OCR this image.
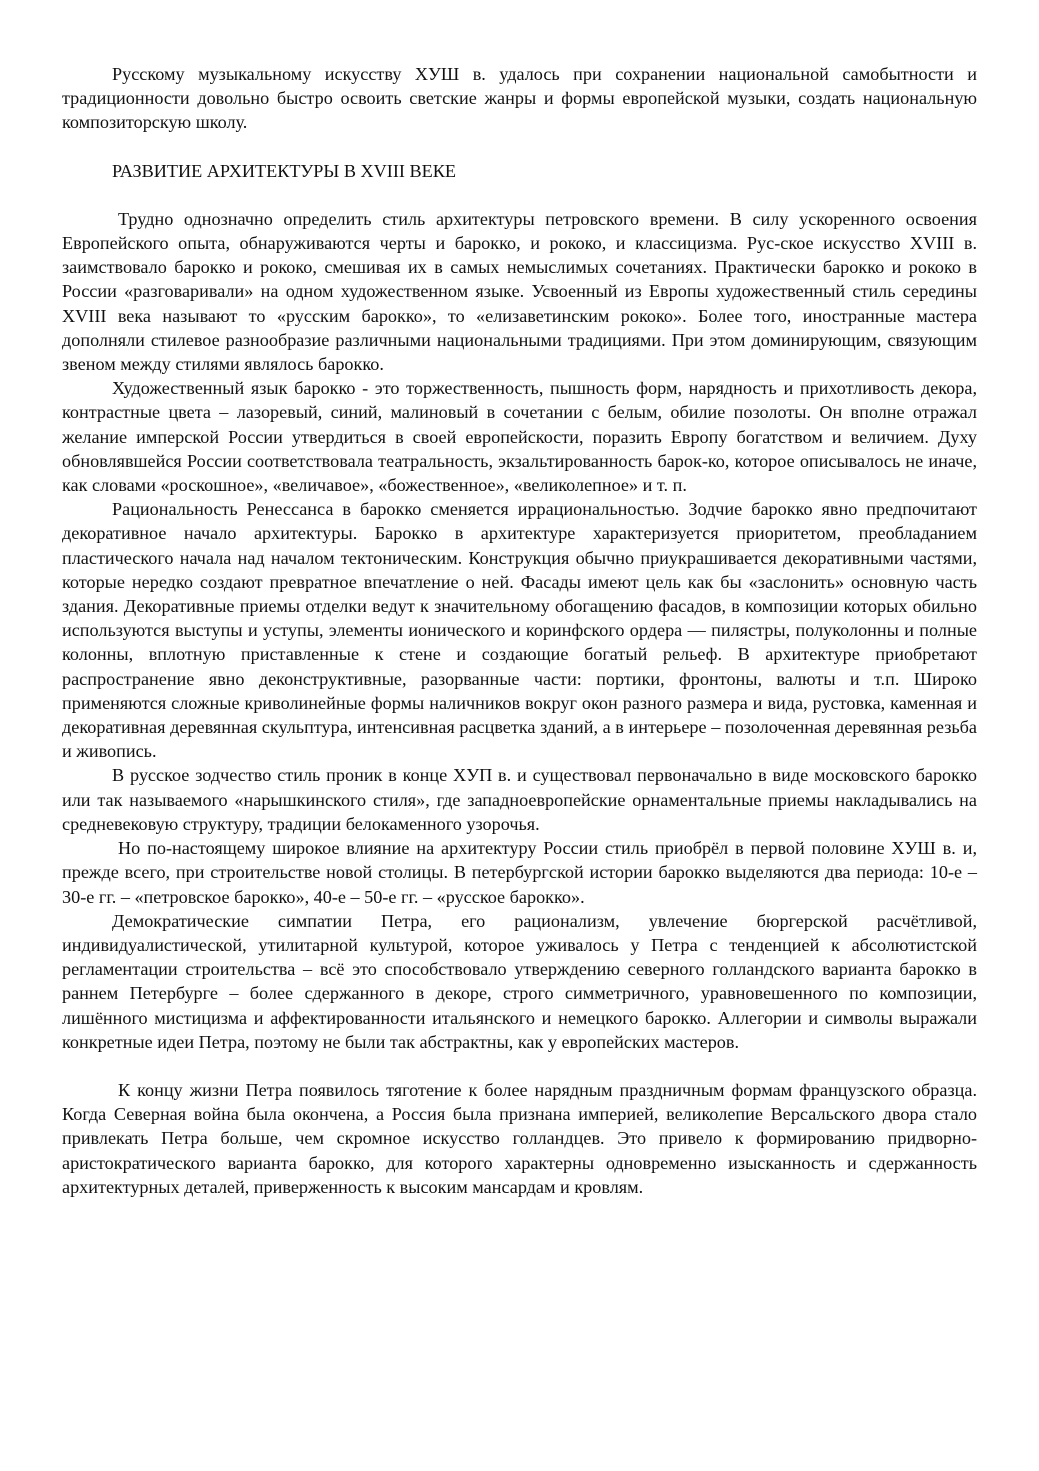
Русскому музыкальному искусству ХУШ в. удалось при сохранении национальной самобытности и традиционности довольно быстро освоить светские жанры и формы европейской музыки, создать национальную композиторскую школу.

РАЗВИТИЕ АРХИТЕКТУРЫ В XVIII ВЕКЕ

Трудно однозначно определить стиль архитектуры петровского времени. В силу ускоренного освоения Европейского опыта, обнаруживаются черты и барокко, и рококо, и классицизма. Рус-ское искусство XVIII в. заимствовало барокко и рококо, смешивая их в самых немыслимых сочетаниях. Практически барокко и рококо в России «разговаривали» на одном художественном языке. Усвоенный из Европы художественный стиль середины XVIII века называют то «русским барокко», то «елизаветинским рококо». Более того, иностранные мастера дополняли стилевое разнообразие различными национальными традициями. При этом доминирующим, связующим звеном между стилями являлось барокко.

Художественный язык барокко - это торжественность, пышность форм, нарядность и прихотливость декора, контрастные цвета – лазоревый, синий, малиновый в сочетании с белым, обилие позолоты. Он вполне отражал желание имперской России утвердиться в своей европейскости, поразить Европу богатством и величием. Духу обновлявшейся России соответствовала театральность, экзальтированность барок-ко, которое описывалось не иначе, как словами «роскошное», «величавое», «божественное», «великолепное» и т. п.

Рациональность Ренессанса в барокко сменяется иррациональностью. Зодчие барокко явно предпочитают декоративное начало архитектуры. Барокко в архитектуре характеризуется приоритетом, преобладанием пластического начала над началом тектоническим. Конструкция обычно приукрашивается декоративными частями, которые нередко создают превратное впечатление о ней. Фасады имеют цель как бы «заслонить» основную часть здания. Декоративные приемы отделки ведут к значительному обогащению фасадов, в композиции которых обильно используются выступы и уступы, элементы ионического и коринфского ордера — пилястры, полуколонны и полные колонны, вплотную приставленные к стене и создающие богатый рельеф. В архитектуре приобретают распространение явно деконструктивные, разорванные части: портики, фронтоны, валюты и т.п. Широко применяются сложные криволинейные формы наличников вокруг окон разного размера и вида, рустовка, каменная и декоративная деревянная скульптура, интенсивная расцветка зданий, а в интерьере – позолоченная деревянная резьба и живопись.

В русское зодчество стиль проник в конце ХУП в. и существовал первоначально в виде московского барокко или так называемого «нарышкинского стиля», где западноевропейские орнаментальные приемы накладывались на средневековую структуру, традиции белокаменного узорочья.

Но по-настоящему широкое влияние на архитектуру России стиль приобрёл в первой половине ХУШ в. и, прежде всего, при строительстве новой столицы. В петербургской истории барокко выделяются два периода: 10-е – 30-е гг. – «петровское барокко», 40-е – 50-е гг. – «русское барокко».

Демократические симпатии Петра, его рационализм, увлечение бюргерской расчётливой, индивидуалистической, утилитарной культурой, которое уживалось у Петра с тенденцией к абсолютистской регламентации строительства – всё это способствовало утверждению северного голландского варианта барокко в раннем Петербурге – более сдержанного в декоре, строго симметричного, уравновешенного по композиции, лишённого мистицизма и аффектированности итальянского и немецкого барокко. Аллегории и символы выражали конкретные идеи Петра, поэтому не были так абстрактны, как у европейских мастеров.

К концу жизни Петра появилось тяготение к более нарядным праздничным формам французского образца. Когда Северная война была окончена, а Россия была признана империей, великолепие Версальского двора стало привлекать Петра больше, чем скромное искусство голландцев. Это привело к формированию придворно-аристократического варианта барокко, для которого характерны одновременно изысканность и сдержанность архитектурных деталей, приверженность к высоким мансардам и кровлям.
